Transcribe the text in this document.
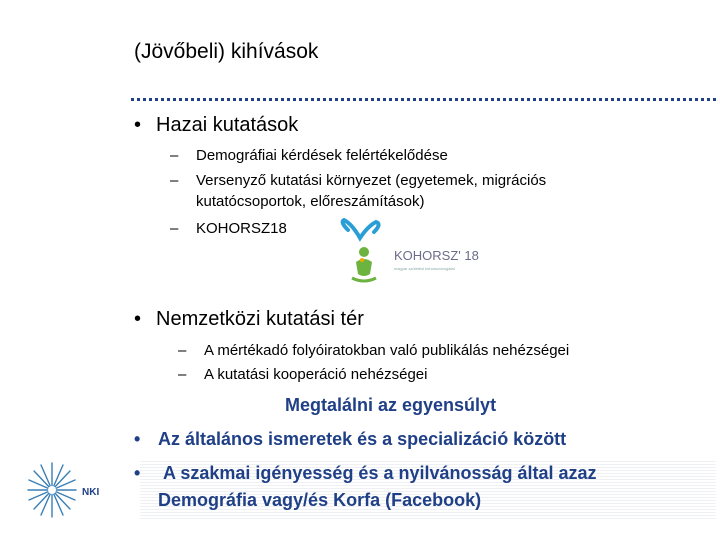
(Jövőbeli) kihívások
• Hazai kutatások
– Demográfiai kérdések felértékelődése
– Versenyző kutatási környezet (egyetemek, migrációs
kutatócsoportok, előreszámítások)
– KOHORSZ18
KOHORSZ' 18
magyar születési kohorszvizsgálat
• Nemzetközi kutatási tér
– A mértékadó folyóiratokban való publikálás nehézségei
– A kutatási kooperáció nehézségei
Megtalálni az egyensúlyt
• Az általános ismeretek és a specializáció között
• A szakmai igényesség és a nyilvánosság által azaz
Demográfia vagy/és Korfa (Facebook)
NKI
